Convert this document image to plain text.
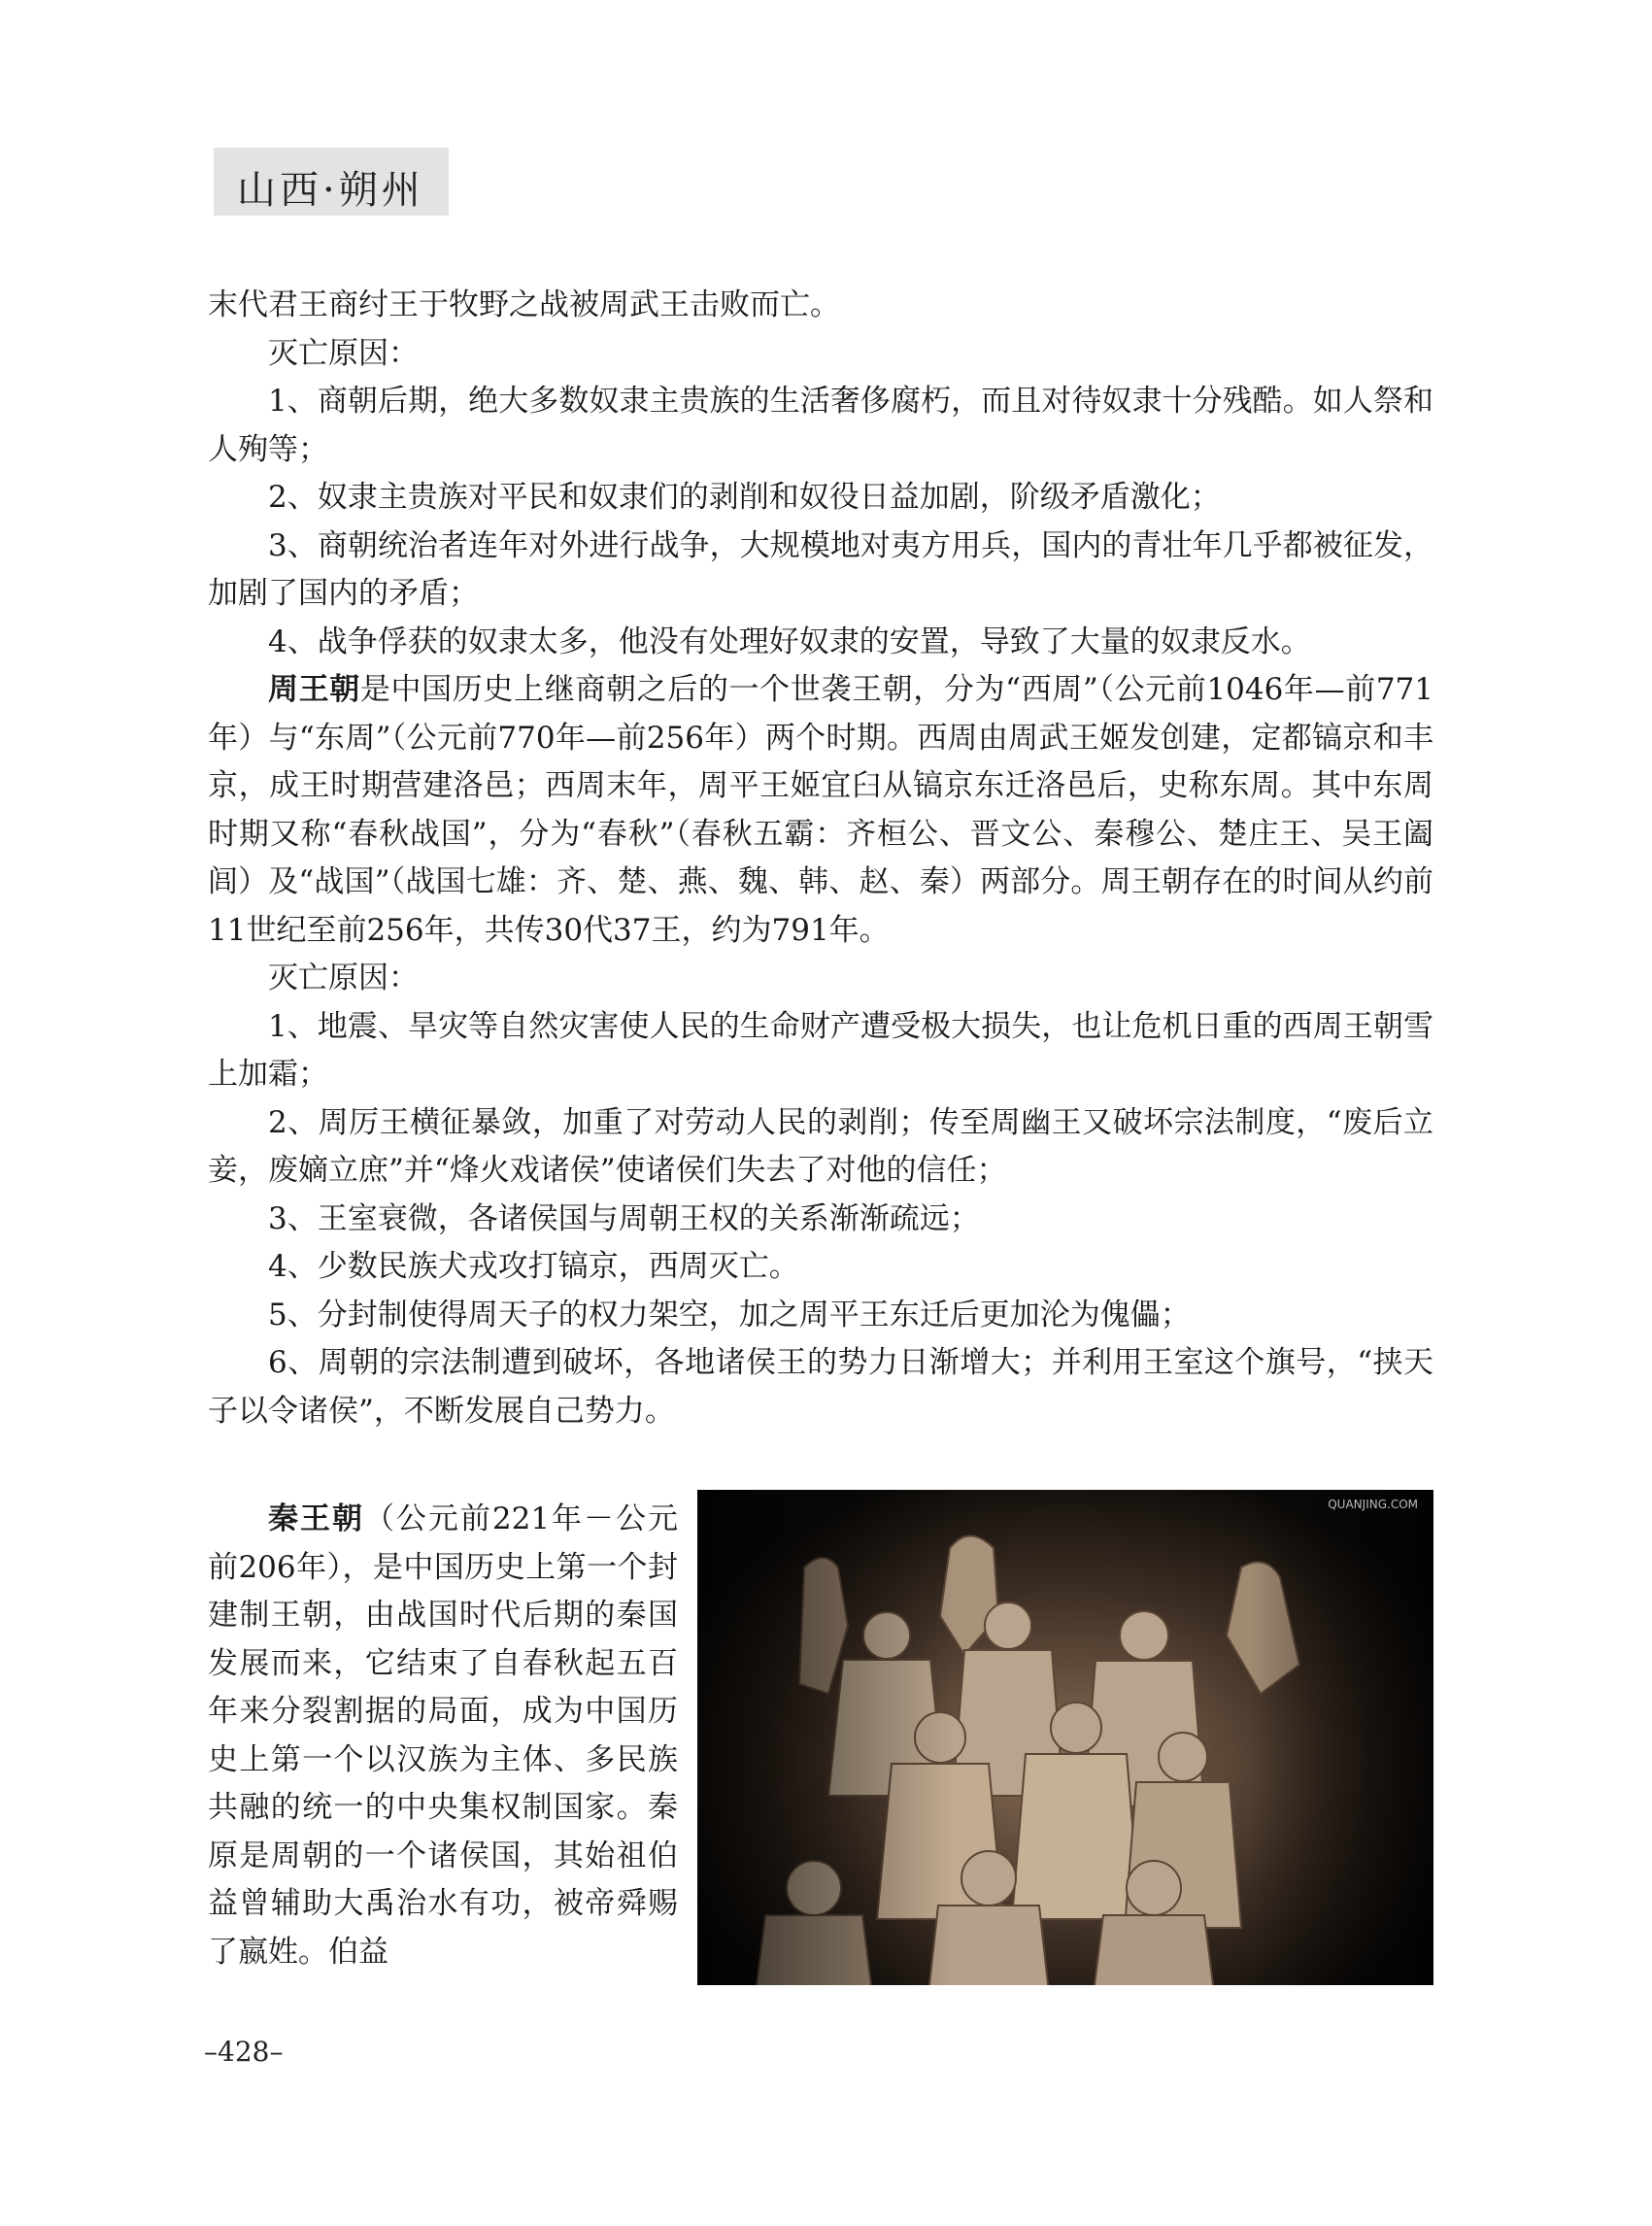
山西·朔州

末代君王商纣王于牧野之战被周武王击败而亡。

灭亡原因：

1、商朝后期，绝大多数奴隶主贵族的生活奢侈腐朽，而且对待奴隶十分残酷。如人祭和人殉等；

2、奴隶主贵族对平民和奴隶们的剥削和奴役日益加剧，阶级矛盾激化；

3、商朝统治者连年对外进行战争，大规模地对夷方用兵，国内的青壮年几乎都被征发，加剧了国内的矛盾；

4、战争俘获的奴隶太多，他没有处理好奴隶的安置，导致了大量的奴隶反水。

周王朝是中国历史上继商朝之后的一个世袭王朝，分为“西周”（公元前1046年—前771年）与“东周”（公元前770年—前256年）两个时期。西周由周武王姬发创建，定都镐京和丰京，成王时期营建洛邑；西周末年，周平王姬宜臼从镐京东迁洛邑后，史称东周。其中东周时期又称“春秋战国”，分为“春秋”（春秋五霸：齐桓公、晋文公、秦穆公、楚庄王、吴王阖闾）及“战国”（战国七雄：齐、楚、燕、魏、韩、赵、秦）两部分。周王朝存在的时间从约前11世纪至前256年，共传30代37王，约为791年。

灭亡原因：

1、地震、旱灾等自然灾害使人民的生命财产遭受极大损失，也让危机日重的西周王朝雪上加霜；

2、周厉王横征暴敛，加重了对劳动人民的剥削；传至周幽王又破坏宗法制度，“废后立妾，废嫡立庶”并“烽火戏诸侯”使诸侯们失去了对他的信任；

3、王室衰微，各诸侯国与周朝王权的关系渐渐疏远；

4、少数民族犬戎攻打镐京，西周灭亡。

5、分封制使得周天子的权力架空，加之周平王东迁后更加沦为傀儡；

6、周朝的宗法制遭到破坏，各地诸侯王的势力日渐增大；并利用王室这个旗号，“挟天子以令诸侯”，不断发展自己势力。

秦王朝（公元前221年－公元前206年），是中国历史上第一个封建制王朝，由战国时代后期的秦国发展而来，它结束了自春秋起五百年来分裂割据的局面，成为中国历史上第一个以汉族为主体、多民族共融的统一的中央集权制国家。秦原是周朝的一个诸侯国，其始祖伯益曾辅助大禹治水有功，被帝舜赐了嬴姓。伯益

QUANJING.COM
–428–
